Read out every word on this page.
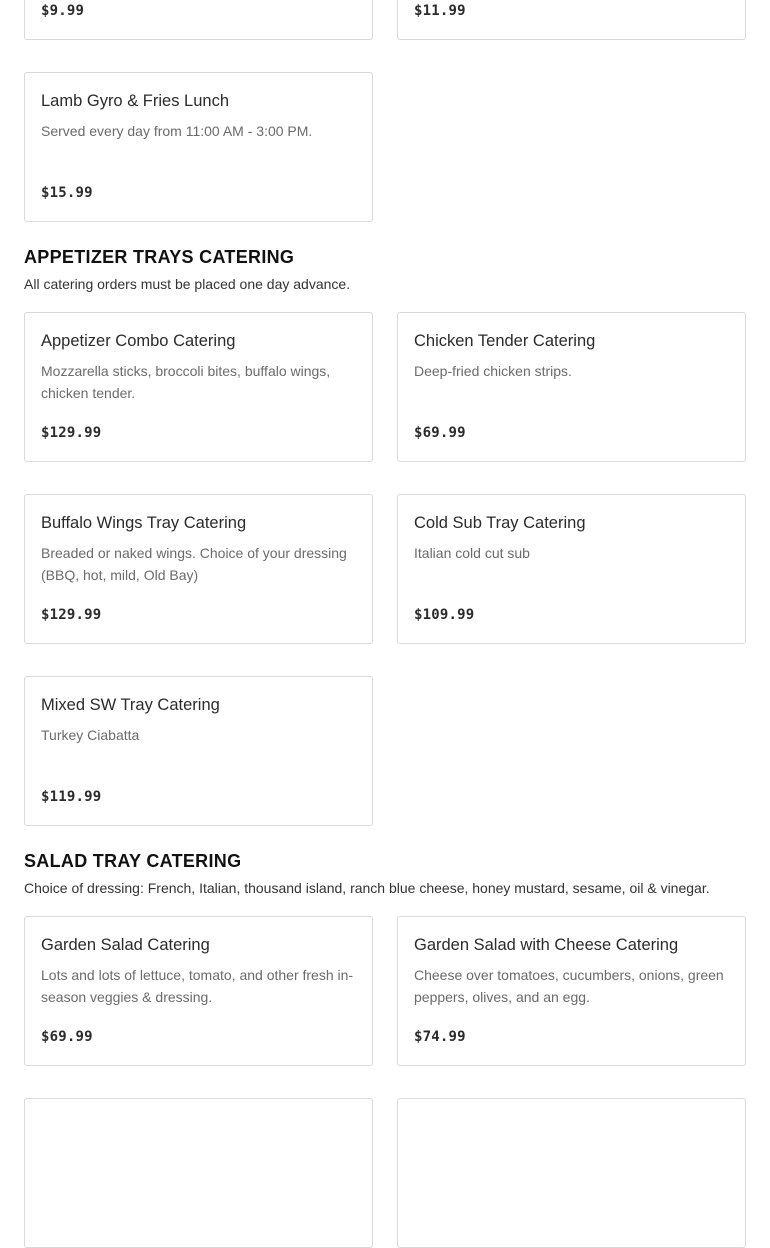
$9.99	$11.99
Lamb Gyro & Fries Lunch
Served every day from 11:00 AM - 3:00 PM.
$15.99
APPETIZER TRAYS CATERING
All catering orders must be placed one day advance.
Appetizer Combo Catering
Mozzarella sticks, broccoli bites, buffalo wings, chicken tender.
$129.99
Chicken Tender Catering
Deep-fried chicken strips.
$69.99
Buffalo Wings Tray Catering
Breaded or naked wings. Choice of your dressing (BBQ, hot, mild, Old Bay)
$129.99
Cold Sub Tray Catering
Italian cold cut sub
$109.99
Mixed SW Tray Catering
Turkey Ciabatta
$119.99
SALAD TRAY CATERING
Choice of dressing: French, Italian, thousand island, ranch blue cheese, honey mustard, sesame, oil & vinegar.
Garden Salad Catering
Lots and lots of lettuce, tomato, and other fresh in-season veggies & dressing.
$69.99
Garden Salad with Cheese Catering
Cheese over tomatoes, cucumbers, onions, green peppers, olives, and an egg.
$74.99
